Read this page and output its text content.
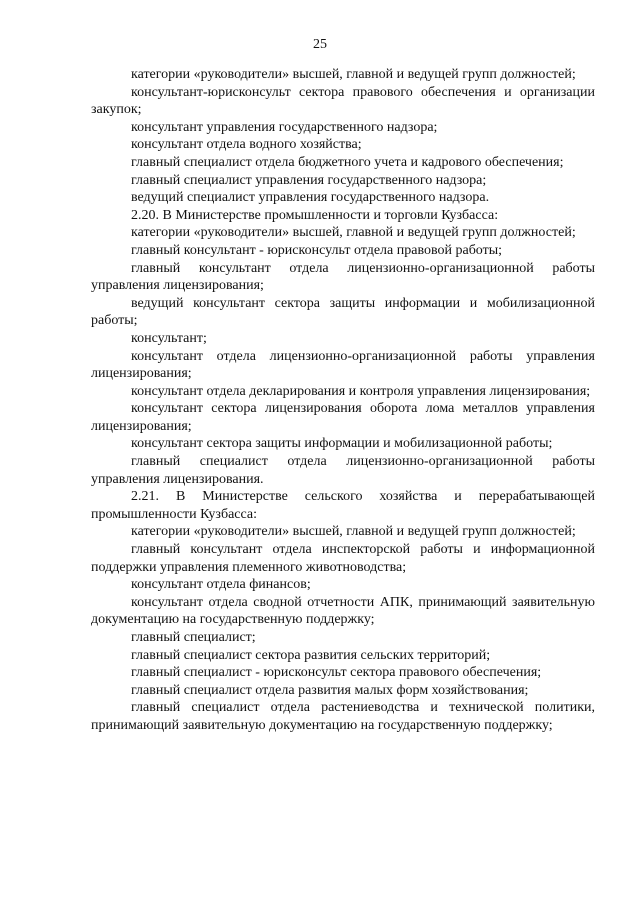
25

категории «руководители» высшей, главной и ведущей групп должностей;

консультант-юрисконсульт сектора правового обеспечения и организации закупок;

консультант управления государственного надзора;

консультант отдела водного хозяйства;

главный специалист отдела бюджетного учета и кадрового обеспечения;

главный специалист управления государственного надзора;

ведущий специалист управления государственного надзора.

2.20. В Министерстве промышленности и торговли Кузбасса:

категории «руководители» высшей, главной и ведущей групп должностей;

главный консультант - юрисконсульт отдела правовой работы;

главный консультант отдела лицензионно-организационной работы управления лицензирования;

ведущий консультант сектора защиты информации и мобилизационной работы;

консультант;

консультант отдела лицензионно-организационной работы управления лицензирования;

консультант отдела декларирования и контроля управления лицензирования;

консультант сектора лицензирования оборота лома металлов управления лицензирования;

консультант сектора защиты информации и мобилизационной работы;

главный специалист отдела лицензионно-организационной работы управления лицензирования.

2.21. В Министерстве сельского хозяйства и перерабатывающей промышленности Кузбасса:

категории «руководители» высшей, главной и ведущей групп должностей;

главный консультант отдела инспекторской работы и информационной поддержки управления племенного животноводства;

консультант отдела финансов;

консультант отдела сводной отчетности АПК, принимающий заявительную документацию на государственную поддержку;

главный специалист;

главный специалист сектора развития сельских территорий;

главный специалист - юрисконсульт сектора правового обеспечения;

главный специалист отдела развития малых форм хозяйствования;

главный специалист отдела растениеводства и технической политики, принимающий заявительную документацию на государственную поддержку;
